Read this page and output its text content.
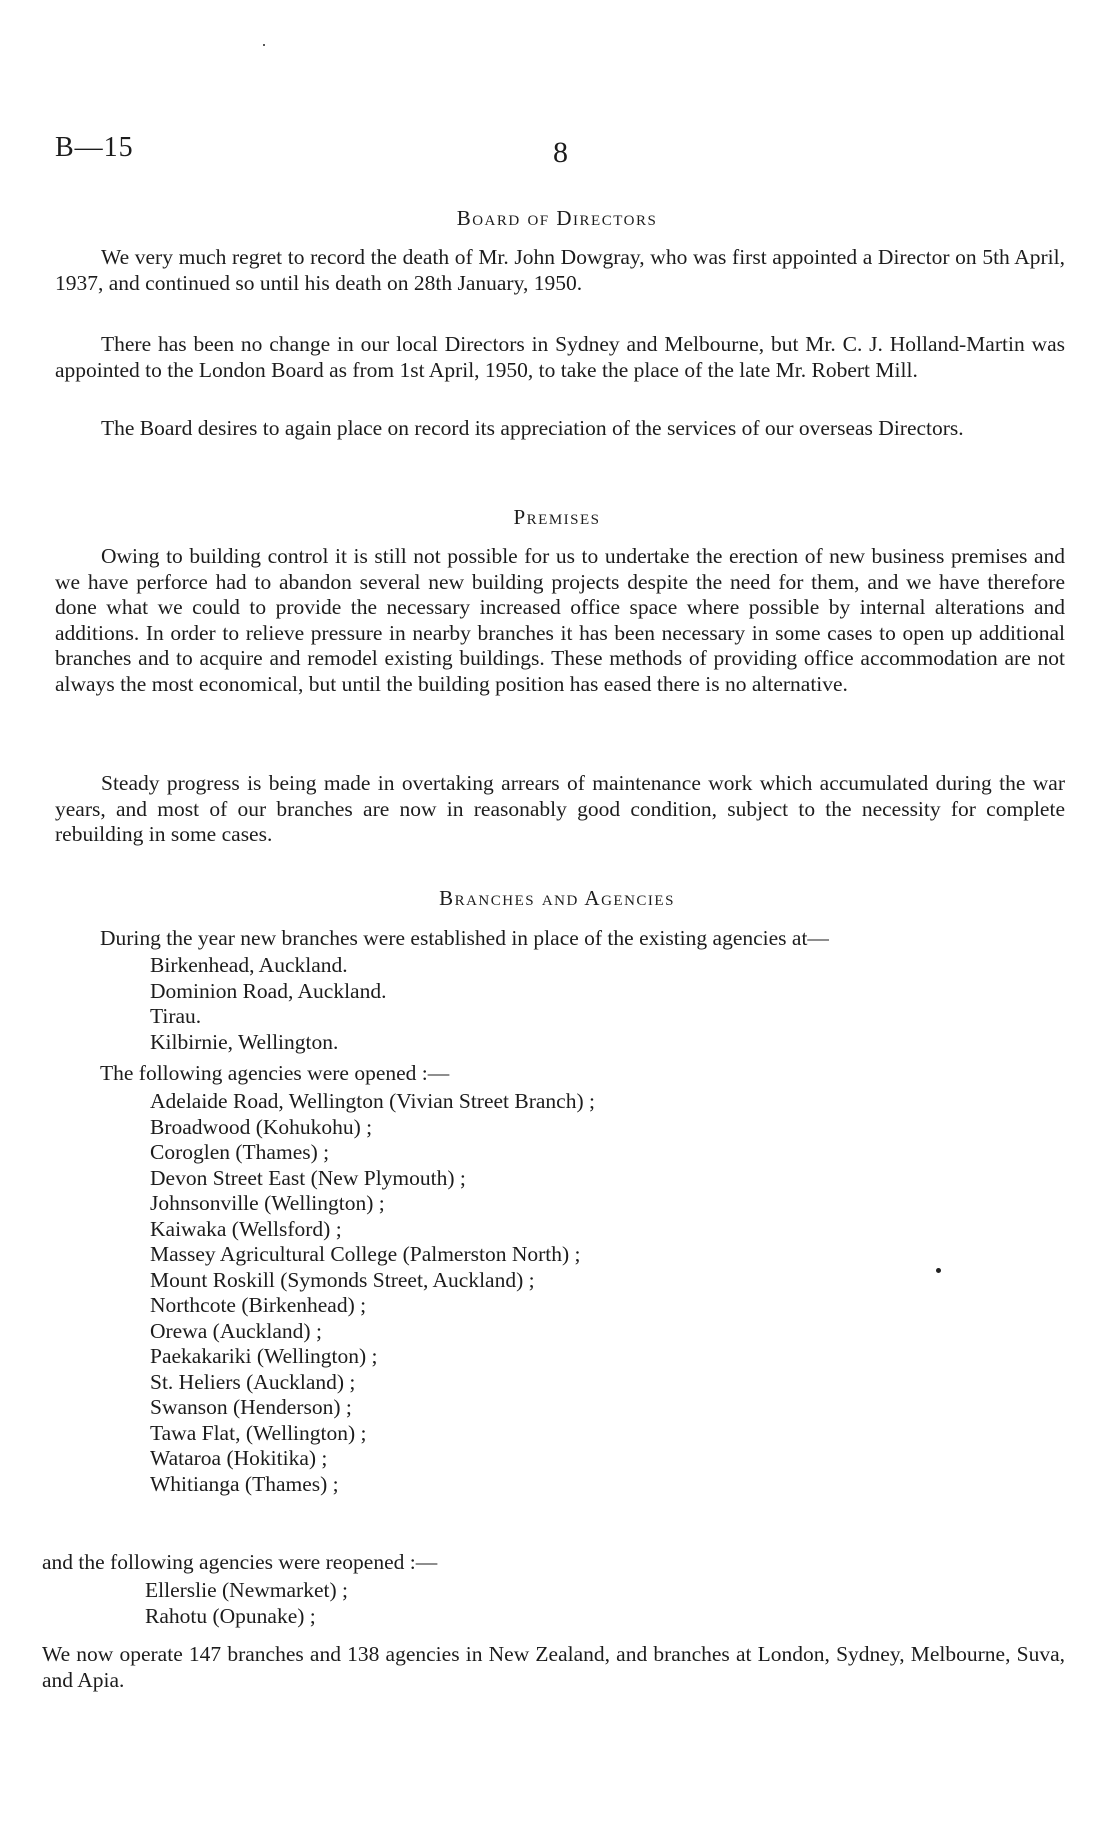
B—15	8
Board of Directors

We very much regret to record the death of Mr. John Dowgray, who was first appointed a Director on 5th April, 1937, and continued so until his death on 28th January, 1950.

There has been no change in our local Directors in Sydney and Melbourne, but Mr. C. J. Holland-Martin was appointed to the London Board as from 1st April, 1950, to take the place of the late Mr. Robert Mill.

The Board desires to again place on record its appreciation of the services of our overseas Directors.

Premises

Owing to building control it is still not possible for us to undertake the erection of new business premises and we have perforce had to abandon several new building projects despite the need for them, and we have therefore done what we could to provide the necessary increased office space where possible by internal alterations and additions. In order to relieve pressure in nearby branches it has been necessary in some cases to open up additional branches and to acquire and remodel existing buildings. These methods of providing office accommodation are not always the most economical, but until the building position has eased there is no alternative.

Steady progress is being made in overtaking arrears of maintenance work which accumulated during the war years, and most of our branches are now in reasonably good condition, subject to the necessity for complete rebuilding in some cases.

Branches and Agencies

During the year new branches were established in place of the existing agencies at—

Birkenhead, Auckland.
Dominion Road, Auckland.
Tirau.
Kilbirnie, Wellington.

The following agencies were opened :—

Adelaide Road, Wellington (Vivian Street Branch) ;
Broadwood (Kohukohu) ;
Coroglen (Thames) ;
Devon Street East (New Plymouth) ;
Johnsonville (Wellington) ;
Kaiwaka (Wellsford) ;
Massey Agricultural College (Palmerston North) ;
Mount Roskill (Symonds Street, Auckland) ;
Northcote (Birkenhead) ;
Orewa (Auckland) ;
Paekakariki (Wellington) ;
St. Heliers (Auckland) ;
Swanson (Henderson) ;
Tawa Flat, (Wellington) ;
Wataroa (Hokitika) ;
Whitianga (Thames) ;

and the following agencies were reopened :—

Ellerslie (Newmarket) ;
Rahotu (Opunake) ;

We now operate 147 branches and 138 agencies in New Zealand, and branches at London, Sydney, Melbourne, Suva, and Apia.
